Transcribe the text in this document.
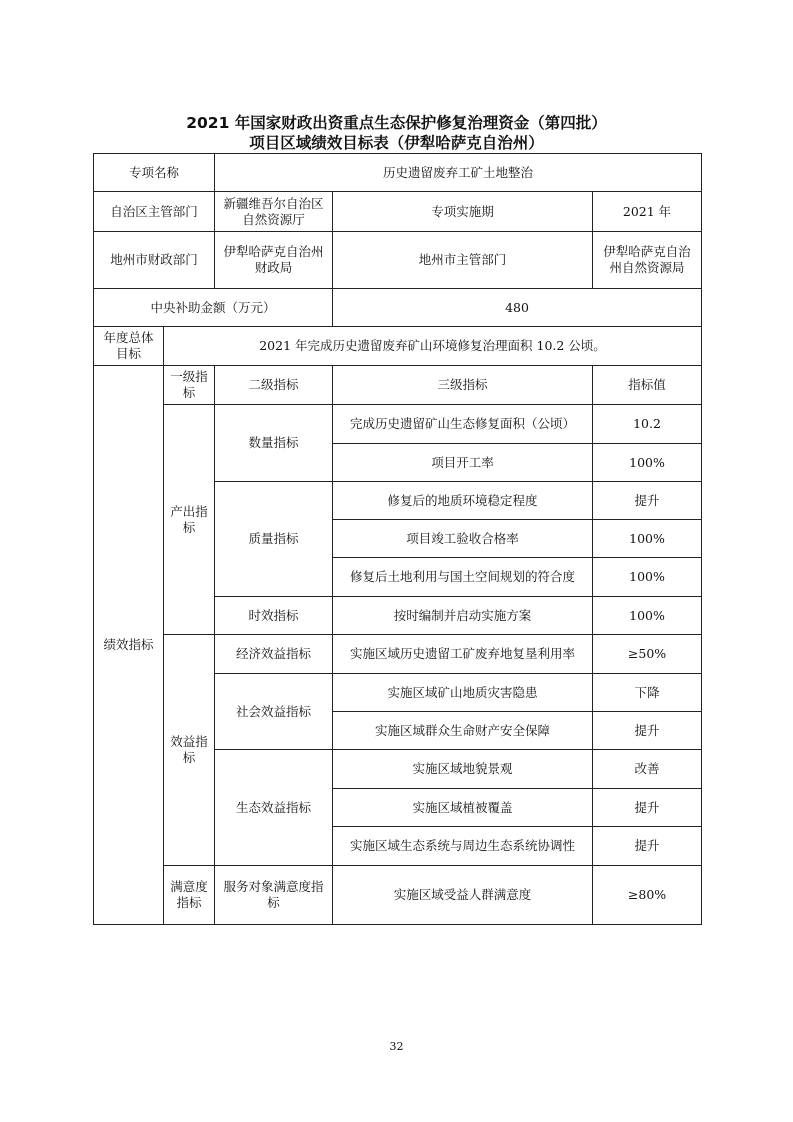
2021 年国家财政出资重点生态保护修复治理资金（第四批）
项目区域绩效目标表（伊犁哈萨克自治州）
专项名称		历史遗留废弃工矿土地整治		
自治区主管部门		新疆维吾尔自治区自然资源厅	专项实施期	2021 年
地州市财政部门		伊犁哈萨克自治州财政局	地州市主管部门	伊犁哈萨克自治州自然资源局
中央补助金额（万元）			480	
年度总体目标	2021 年完成历史遗留废弃矿山环境修复治理面积 10.2 公顷。			
绩效指标	一级指标	二级指标	三级指标	指标值
	产出指标	数量指标	完成历史遗留矿山生态修复面积（公顷）	10.2
			项目开工率	100%
		质量指标	修复后的地质环境稳定程度	提升
			项目竣工验收合格率	100%
			修复后土地利用与国土空间规划的符合度	100%
		时效指标	按时编制并启动实施方案	100%
	效益指标	经济效益指标	实施区域历史遗留工矿废弃地复垦利用率	≥50%
		社会效益指标	实施区域矿山地质灾害隐患	下降
			实施区域群众生命财产安全保障	提升
		生态效益指标	实施区域地貌景观	改善
			实施区域植被覆盖	提升
			实施区域生态系统与周边生态系统协调性	提升
	满意度指标	服务对象满意度指标	实施区域受益人群满意度	≥80%
32
